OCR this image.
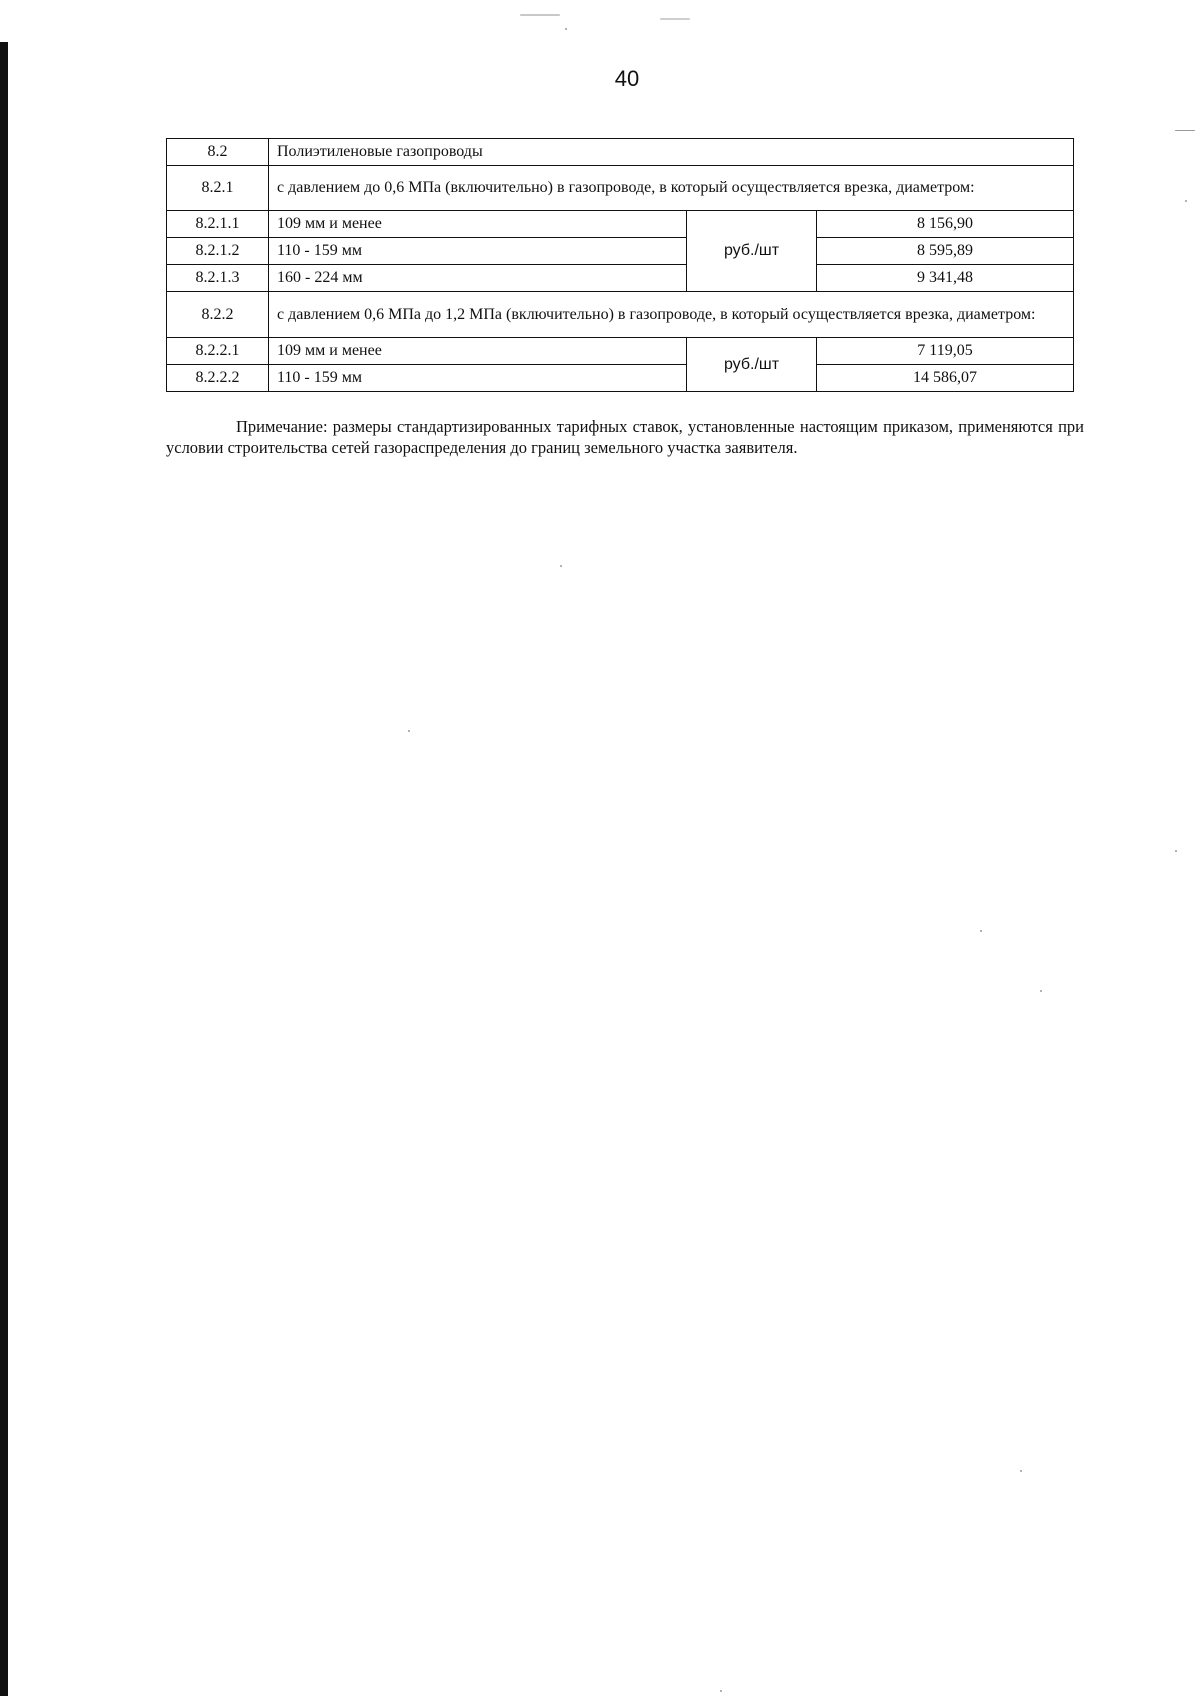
40
8.2	Полиэтиленовые газопроводы		
8.2.1	с давлением до 0,6 МПа (включительно) в газопроводе, в который осуществляется врезка, диаметром:		
8.2.1.1	109 мм и менее	руб./шт	8 156,90
8.2.1.2	110 - 159 мм		8 595,89
8.2.1.3	160 - 224 мм		9 341,48
8.2.2	с давлением 0,6 МПа до 1,2 МПа (включительно) в газопроводе, в который осуществляется врезка, диаметром:		
8.2.2.1	109 мм и менее	руб./шт	7 119,05
8.2.2.2	110 - 159 мм		14 586,07

Примечание: размеры стандартизированных тарифных ставок, установленные настоящим приказом, применяются при условии строительства сетей газораспределения до границ земельного участка заявителя.
